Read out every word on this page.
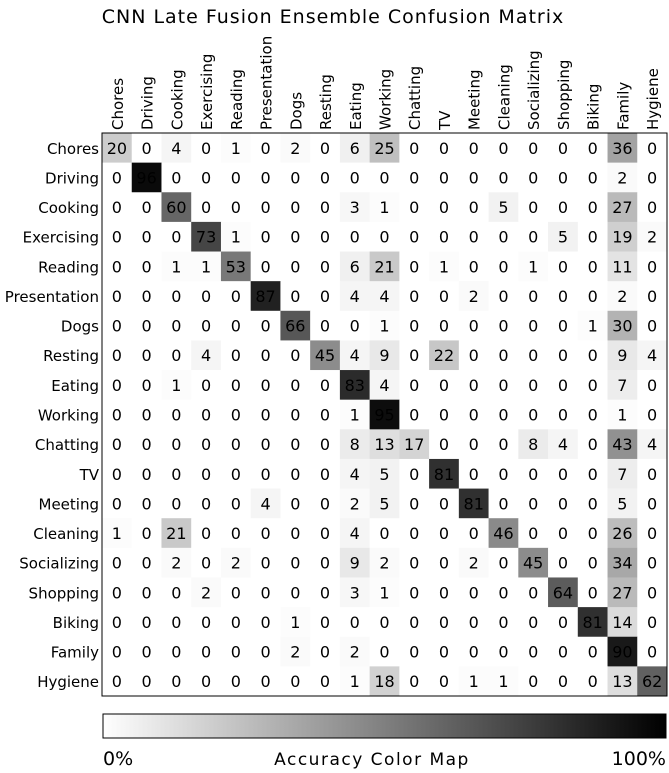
CNN Late Fusion Ensemble Confusion Matrix
Chores Driving Cooking Exercising Reading Presentation Dogs Resting Eating Working Chatting TV Meeting Cleaning Socializing Shopping Biking Family Hygiene
Chores
Driving
Cooking
Exercising
Reading
Presentation
Dogs
Resting
Eating
Working
Chatting
TV
Meeting
Cleaning
Socializing
Shopping
Biking
Family
Hygiene
20 0 4 0 1 0 2 0 6 25 0 0 0 0 0 0 0 36 0
0 96 0 0 0 0 0 0 0 0 0 0 0 0 0 0 0 2 0
0 0 60 0 0 0 0 0 3 1 0 0 0 5 0 0 0 27 0
0 0 0 73 1 0 0 0 0 0 0 0 0 0 0 5 0 19 2
0 0 1 1 53 0 0 0 6 21 0 1 0 0 1 0 0 11 0
0 0 0 0 0 87 0 0 4 4 0 0 2 0 0 0 0 2 0
0 0 0 0 0 0 66 0 0 1 0 0 0 0 0 0 1 30 0
0 0 0 4 0 0 0 45 4 9 0 22 0 0 0 0 0 9 4
0 0 1 0 0 0 0 0 83 4 0 0 0 0 0 0 0 7 0
0 0 0 0 0 0 0 0 1 95 0 0 0 0 0 0 0 1 0
0 0 0 0 0 0 0 0 8 13 17 0 0 0 8 4 0 43 4
0 0 0 0 0 0 0 0 4 5 0 81 0 0 0 0 0 7 0
0 0 0 0 0 4 0 0 2 5 0 0 81 0 0 0 0 5 0
1 0 21 0 0 0 0 0 4 0 0 0 0 46 0 0 0 26 0
0 0 2 0 2 0 0 0 9 2 0 0 2 0 45 0 0 34 0
0 0 0 2 0 0 0 0 3 1 0 0 0 0 0 64 0 27 0
0 0 0 0 0 0 1 0 0 0 0 0 0 0 0 0 81 14 0
0 0 0 0 0 0 2 0 2 0 0 0 0 0 0 0 0 90 0
0 0 0 0 0 0 0 0 1 18 0 0 1 1 0 0 0 13 62
0%	Accuracy Color Map	100%
